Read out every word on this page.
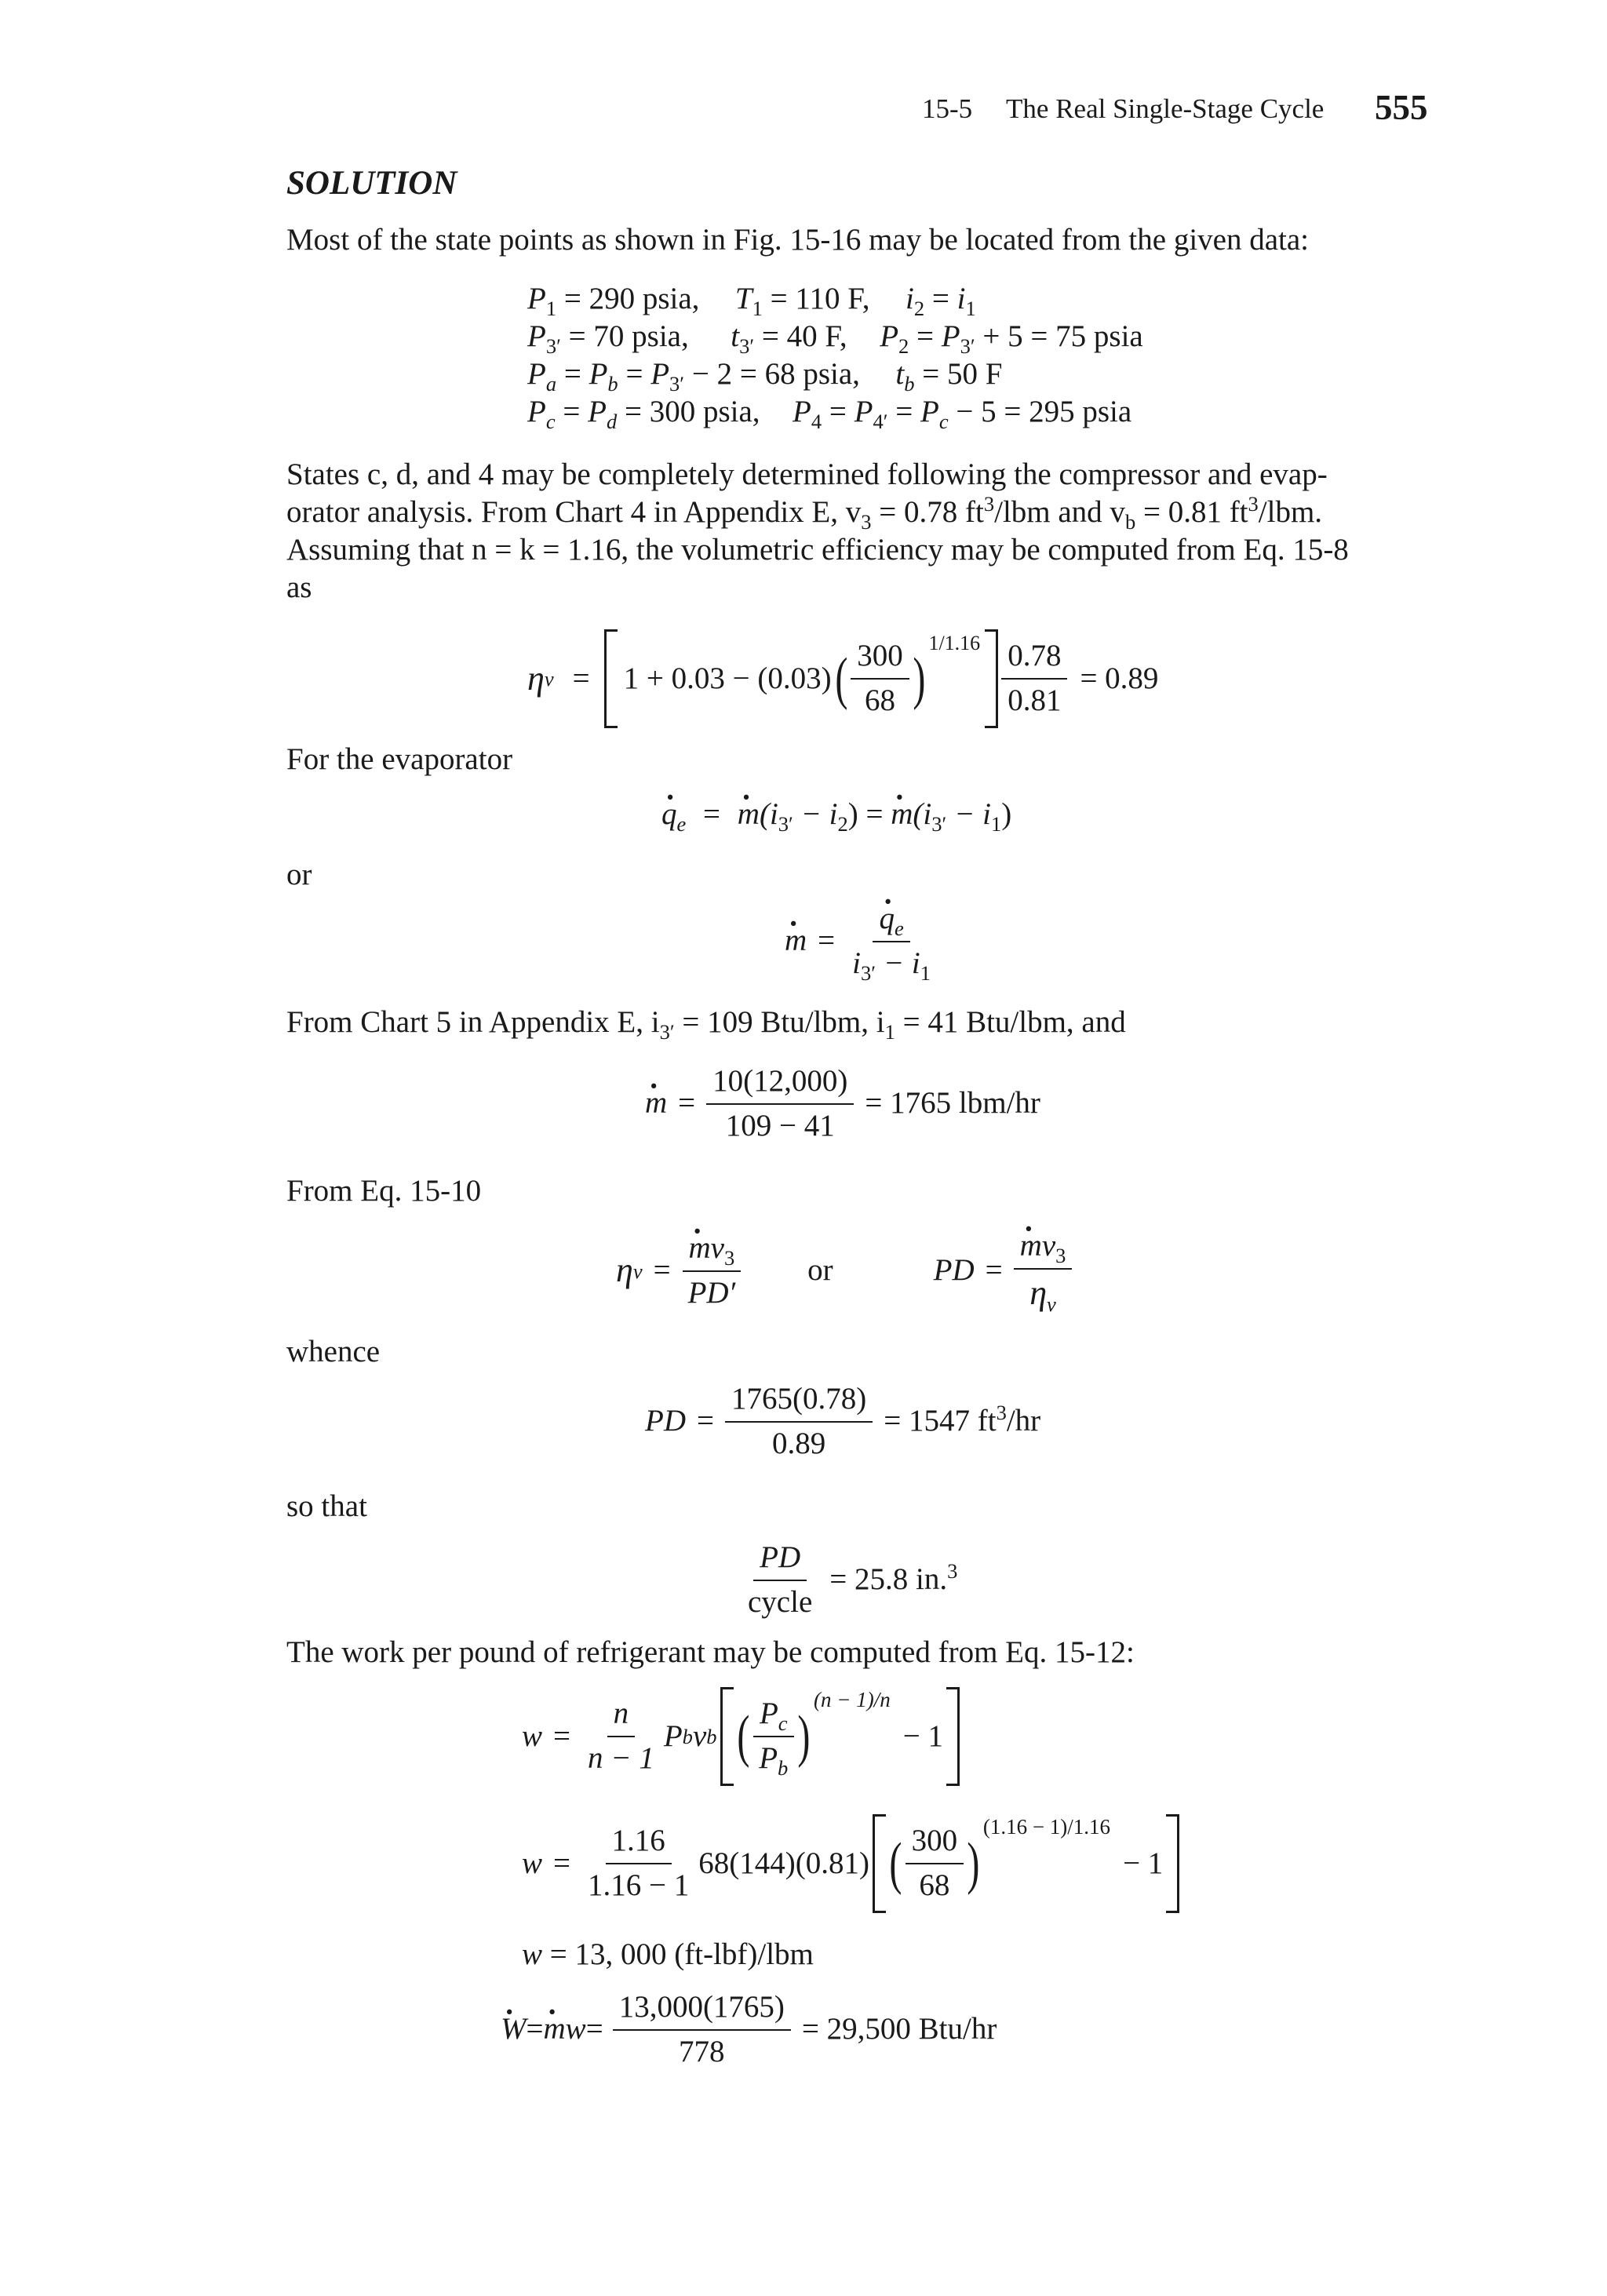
15-5 The Real Single-Stage Cycle 555
SOLUTION
Most of the state points as shown in Fig. 15-16 may be located from the given data:
$P_1 = 290$ psia, $T_1 = 110$ F, $i_2 = i_1$
$P_{3'} = 70$ psia, $t_{3'} = 40$ F, $P_2 = P_{3'} + 5 = 75$ psia
$P_a = P_b = P_{3'} - 2 = 68$ psia, $t_b = 50$ F
$P_c = P_d = 300$ psia, $P_4 = P_{4'} = P_c - 5 = 295$ psia
States c, d, and 4 may be completely determined following the compressor and evap-
orator analysis. From Chart 4 in Appendix E, $v_3 = 0.78$ $ft^3$/lbm and $v_b = 0.81$ $ft^3$/lbm.
Assuming that n = k = 1.16, the volumetric efficiency may be computed from Eq. 15-8
as
η v = 1 + 0.03 − (0.03) ( $\frac{300}{68}$ )
$1/1.16 \frac{0.78}{0.81} = 0.89$
For the evaporator
· $q_e$ = · $m(i_{3'} - i_2)$ = · $m(i_{3'} - i_1)$
or
· m = · $\frac{q_e}{i_{3'} - i_1}$
From Chart 5 in Appendix E, $i_{3'} = 109$ Btu/lbm, $i_1 = 41$ Btu/lbm, and
· $m = \frac{10(12,000)}{109 - 41} = 1765$ lbm/hr
From Eq. 15-10
η v = · $\frac{mv_3}{PD'}$ or	PD = · $\frac{mv_3}{\eta_v}$
whence
PD = $\frac{1765(0.78)}{0.89} = 1547$ $ft^3/hr$
so that
$\frac{PD}{\text{cycle}} = 25.8$ in.$^3$
The work per pound of refrigerant may be computed from Eq. 15-12:
$w = \frac{n}{n - 1}$ P b v b ( $\frac{P_c}{P_b}$ )
(n − 1)/n
− 1
$w = \frac{1.16}{1.16 - 1} 68(144)(0.81)$ ( $\frac{300}{68}$ )
(1.16 − 1)/1.16
− 1
w = 13, 000 (ft-lbf)/lbm
· W = · m $w = \frac{13,000(1765)}{778} = 29,500$ Btu/hr
